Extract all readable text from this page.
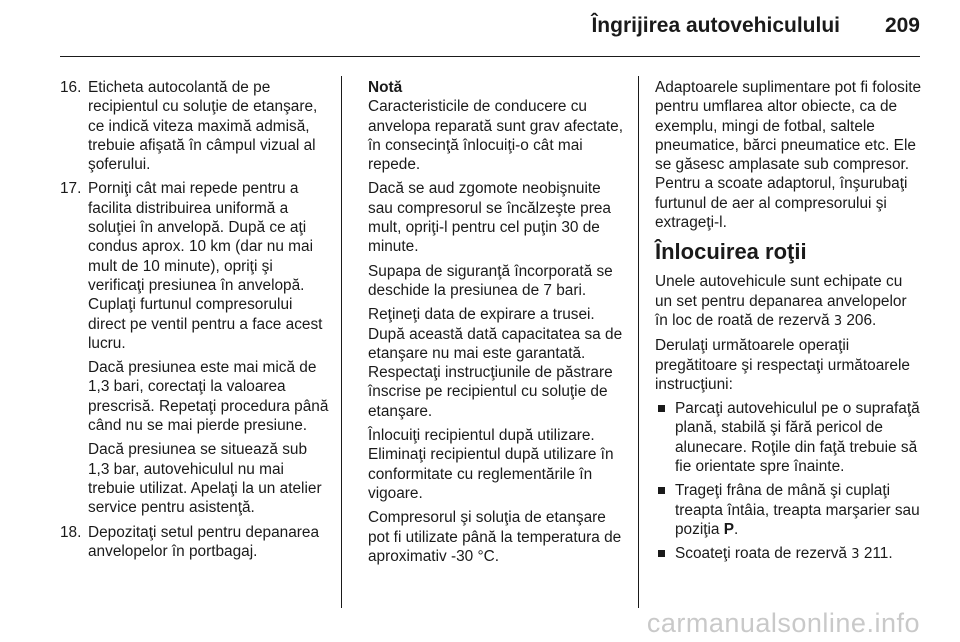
Îngrijirea autovehiculului 209
16. Eticheta autocolantă de pe recipientul cu soluţie de etanşare, ce indică viteza maximă admisă, trebuie afişată în câmpul vizual al şoferului.
17. Porniţi cât mai repede pentru a facilita distribuirea uniformă a soluţiei în anvelopă. După ce aţi condus aprox. 10 km (dar nu mai mult de 10 minute), opriţi şi verificaţi presiunea în anvelopă. Cuplaţi furtunul compresorului direct pe ventil pentru a face acest lucru.

Dacă presiunea este mai mică de 1,3 bari, corectaţi la valoarea prescrisă. Repetaţi procedura până când nu se mai pierde presiune.

Dacă presiunea se situează sub 1,3 bar, autovehiculul nu mai trebuie utilizat. Apelaţi la un atelier service pentru asistenţă.

18. Depozitaţi setul pentru depanarea anvelopelor în portbagaj.
Notă

Caracteristicile de conducere cu anvelopa reparată sunt grav afectate, în consecinţă înlocuiţi-o cât mai repede.

Dacă se aud zgomote neobişnuite sau compresorul se încălzeşte prea mult, opriţi-l pentru cel puţin 30 de minute.

Supapa de siguranţă încorporată se deschide la presiunea de 7 bari.

Reţineţi data de expirare a trusei. După această dată capacitatea sa de etanşare nu mai este garantată. Respectaţi instrucţiunile de păstrare înscrise pe recipientul cu soluţie de etanşare.

Înlocuiţi recipientul după utilizare. Eliminaţi recipientul după utilizare în conformitate cu reglementările în vigoare.

Compresorul şi soluţia de etanşare pot fi utilizate până la temperatura de aproximativ -30 °C.

Adaptoarele suplimentare pot fi folosite pentru umflarea altor obiecte, ca de exemplu, mingi de fotbal, saltele pneumatice, bărci pneumatice etc. Ele se găsesc amplasate sub compresor. Pentru a scoate adaptorul, înşurubaţi furtunul de aer al compresorului şi extrageţi-l.

Înlocuirea roţii

Unele autovehicule sunt echipate cu un set pentru depanarea anvelopelor în loc de roată de rezervă 3 206.

Derulaţi următoarele operaţii pregătitoare şi respectaţi următoarele instrucţiuni:

Parcaţi autovehiculul pe o suprafaţă plană, stabilă şi fără pericol de alunecare. Roţile din faţă trebuie să fie orientate spre înainte.
Trageţi frâna de mână şi cuplaţi treapta întâia, treapta marşarier sau poziţia P.
Scoateţi roata de rezervă 3 211.
carmanualsonline.info
